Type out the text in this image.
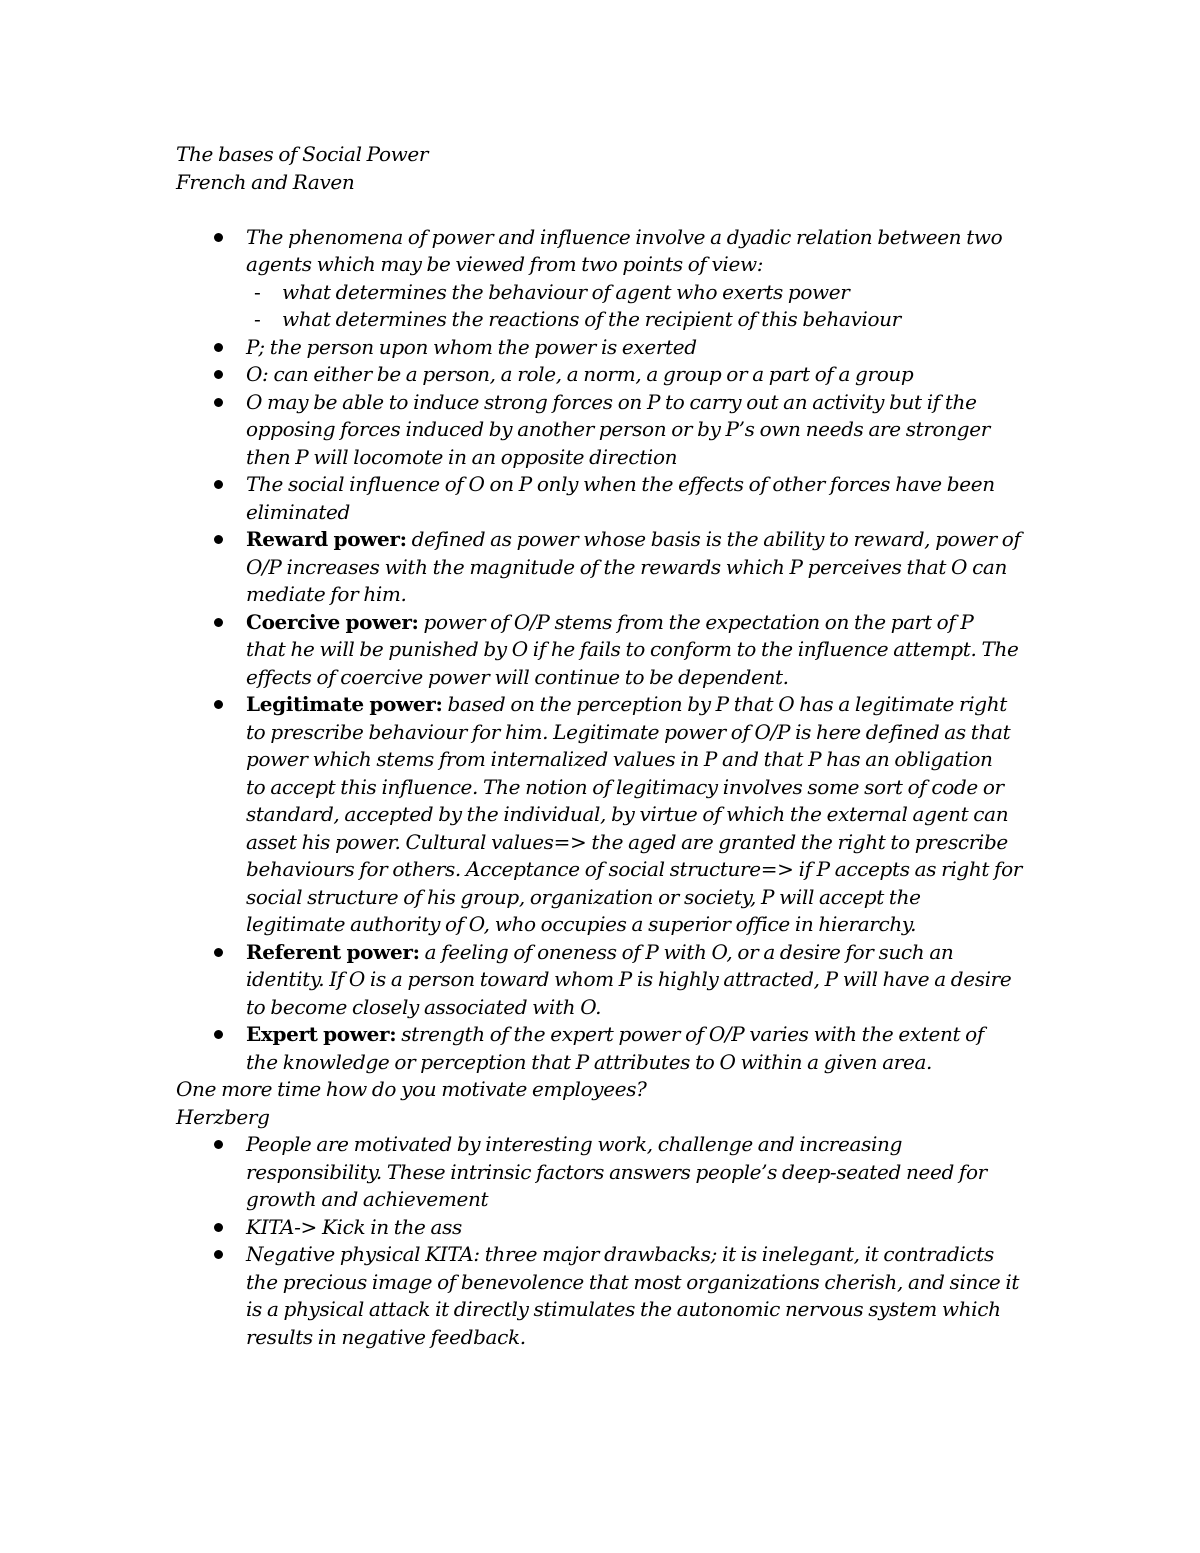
The bases of Social Power
French and Raven
The phenomena of power and influence involve a dyadic relation between two
agents which may be viewed from two points of view:
- what determines the behaviour of agent who exerts power
- what determines the reactions of the recipient of this behaviour
P; the person upon whom the power is exerted
O: can either be a person, a role, a norm, a group or a part of a group
O may be able to induce strong forces on P to carry out an activity but if the
opposing forces induced by another person or by P’s own needs are stronger
then P will locomote in an opposite direction
The social influence of O on P only when the effects of other forces have been
eliminated
Reward power: defined as power whose basis is the ability to reward, power of
O/P increases with the magnitude of the rewards which P perceives that O can
mediate for him.
Coercive power: power of O/P stems from the expectation on the part of P
that he will be punished by O if he fails to conform to the influence attempt. The
effects of coercive power will continue to be dependent.
Legitimate power: based on the perception by P that O has a legitimate right
to prescribe behaviour for him. Legitimate power of O/P is here defined as that
power which stems from internalized values in P and that P has an obligation
to accept this influence. The notion of legitimacy involves some sort of code or
standard, accepted by the individual, by virtue of which the external agent can
asset his power. Cultural values=> the aged are granted the right to prescribe
behaviours for others. Acceptance of social structure=> if P accepts as right for
social structure of his group, organization or society, P will accept the
legitimate authority of O, who occupies a superior office in hierarchy.
Referent power: a feeling of oneness of P with O, or a desire for such an
identity. If O is a person toward whom P is highly attracted, P will have a desire
to become closely associated with O.
Expert power: strength of the expert power of O/P varies with the extent of
the knowledge or perception that P attributes to O within a given area.
One more time how do you motivate employees?
Herzberg
People are motivated by interesting work, challenge and increasing
responsibility. These intrinsic factors answers people’s deep-seated need for
growth and achievement
KITA-> Kick in the ass
Negative physical KITA: three major drawbacks; it is inelegant, it contradicts
the precious image of benevolence that most organizations cherish, and since it
is a physical attack it directly stimulates the autonomic nervous system which
results in negative feedback.
